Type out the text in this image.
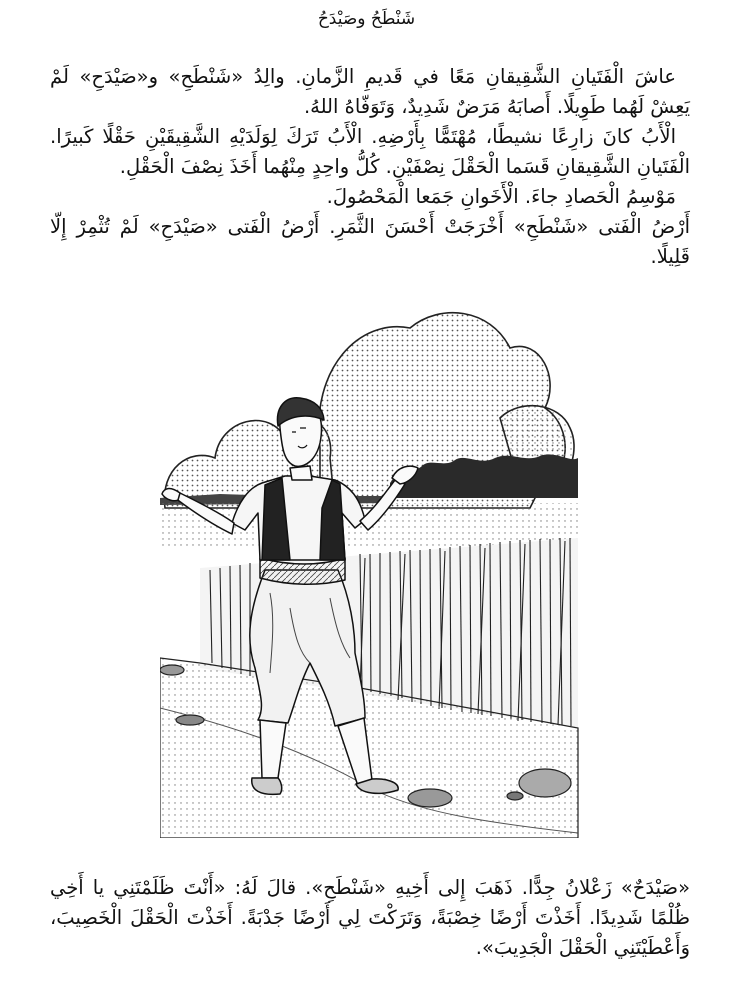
شَنْطَحُ وصَيْدَحُ

عاشَ الْفَتَيانِ الشَّقِيقانِ مَعًا في قَديمِ الزَّمانِ. والِدُ «شَنْطَحِ» و«صَيْدَحِ» لَمْ يَعِشْ لَهُما طَوِيلًا. أَصابَهُ مَرَضٌ شَدِيدٌ، وَتَوَفّاهُ اللهُ.

الْأَبُ كانَ زارِعًا نشيطًا، مُهْتَمًّا بِأَرْضِهِ. الْأَبُ تَرَكَ لِوَلَدَيْهِ الشَّقِيقَيْنِ حَقْلًا كَبيرًا. الْفَتَيانِ الشَّقِيقانِ قَسَما الْحَقْلَ نِصْفَيْنِ. كُلُّ واحِدٍ مِنْهُما أَخَذَ نِصْفَ الْحَقْلِ.

مَوْسِمُ الْحَصادِ جاءَ. الْأَخَوانِ جَمَعا الْمَحْصُولَ.

أَرْضُ الْفَتى «شَنْطَحِ» أَخْرَجَتْ أَحْسَنَ الثَّمَرِ. أَرْضُ الْفَتى «صَيْدَحِ» لَمْ تُثْمِرْ إِلّا قَلِيلًا.

«صَيْدَحٌ» زَعْلانُ جِدًّا. ذَهَبَ إِلى أَخِيهِ «شَنْطَحِ». قالَ لَهُ: «أَنْتَ ظَلَمْتَنِي يا أَخِي ظُلْمًا شَدِيدًا. أَخَذْتَ أَرْضًا خِصْبَةً، وَتَرَكْتَ لِي أَرْضًا جَدْبَةً. أَخَذْتَ الْحَقْلَ الْخَصِيبَ، وَأَعْطَيْتَنِي الْحَقْلَ الْجَدِيبَ».
